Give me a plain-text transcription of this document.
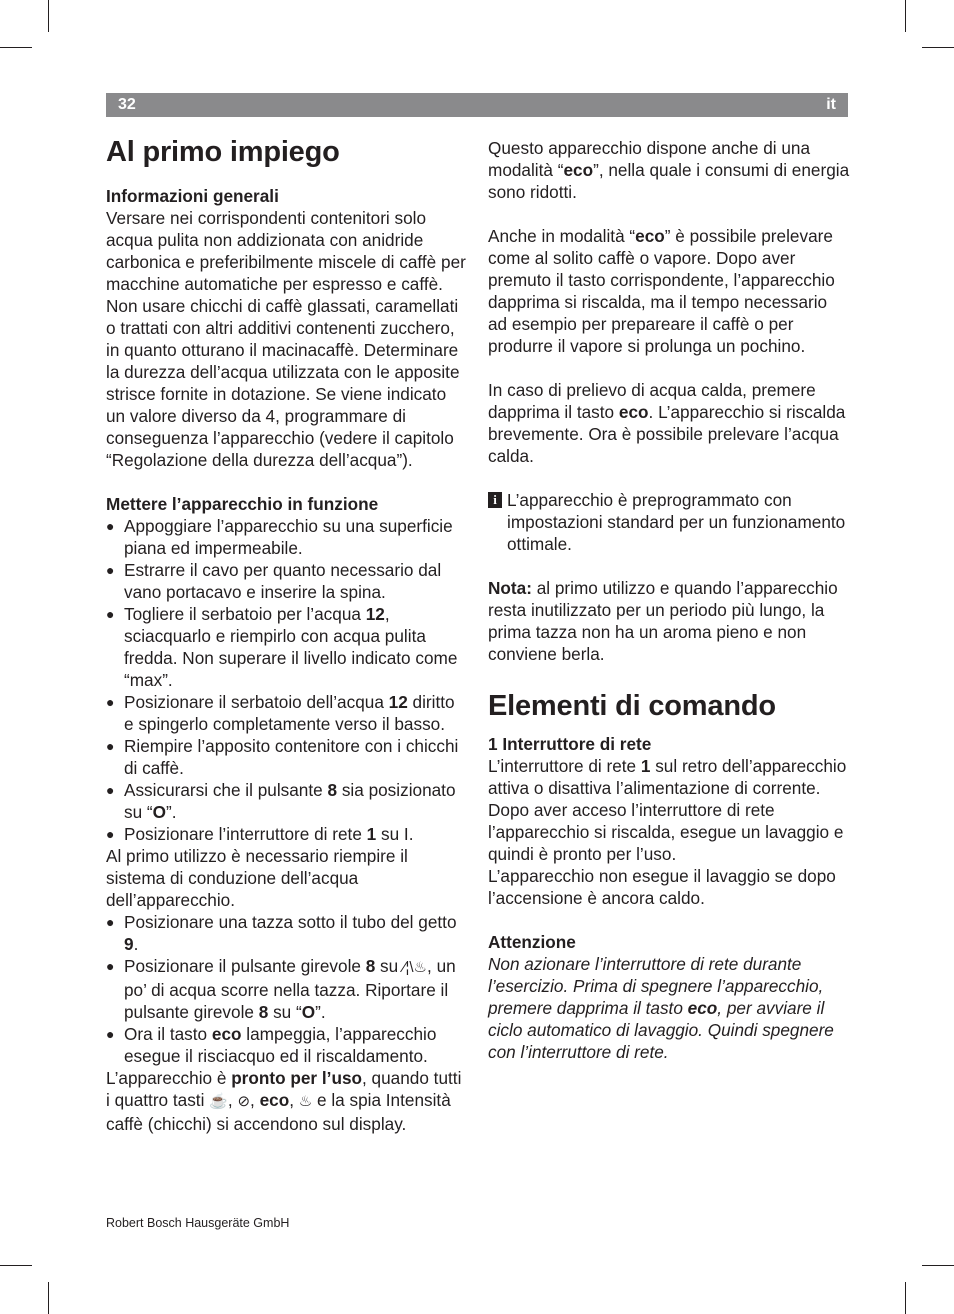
32	it
Al primo impiego

Informazioni generali

Versare nei corrispondenti contenitori solo acqua pulita non addizionata con anidride carbonica e preferibilmente miscele di caffè per macchine automatiche per espresso e caffè. Non usare chicchi di caffè glassati, caramellati o trattati con altri additivi contenenti zucchero, in quanto otturano il macinacaffè. Determinare la durezza dell’acqua utilizzata con le apposite strisce fornite in dotazione. Se viene indicato un valore diverso da 4, programmare di conseguenza l’apparecchio (vedere il capitolo “Regolazione della durezza dell’acqua”).

Mettere l’apparecchio in funzione

● Appoggiare l’apparecchio su una superficie piana ed impermeabile.
● Estrarre il cavo per quanto necessario dal vano portacavo e inserire la spina.
● Togliere il serbatoio per l’acqua 12, sciacquarlo e riempirlo con acqua pulita fredda. Non superare il livello indicato come “max”.
● Posizionare il serbatoio dell’acqua 12 diritto e spingerlo completamente verso il basso.
● Riempire l’apposito contenitore con i chicchi di caffè.
● Assicurarsi che il pulsante 8 sia posizionato su “O”.
● Posizionare l’interruttore di rete 1 su I.

Al primo utilizzo è necessario riempire il sistema di conduzione dell’acqua dell’apparecchio.

● Posizionare una tazza sotto il tubo del getto 9.
● Posizionare il pulsante girevole 8 su ⁄¦\♨, un po’ di acqua scorre nella tazza. Riportare il pulsante girevole 8 su “O”.
● Ora il tasto eco lampeggia, l’apparecchio esegue il risciacquo ed il riscaldamento.

L’apparecchio è pronto per l’uso, quando tutti i quattro tasti ☕, ⊘, eco, ♨ e la spia Intensità caffè (chicchi) si accendono sul display.

Questo apparecchio dispone anche di una modalità “eco”, nella quale i consumi di energia sono ridotti.

Anche in modalità “eco” è possibile prelevare come al solito caffè o vapore. Dopo aver premuto il tasto corrispondente, l’apparecchio dapprima si riscalda, ma il tempo necessario ad esempio per prepareare il caffè o per produrre il vapore si prolunga un pochino.

In caso di prelievo di acqua calda, premere dapprima il tasto eco. L’apparecchio si riscalda brevemente. Ora è possibile prelevare l’acqua calda.

i L’apparecchio è preprogrammato con impostazioni standard per un funzionamento ottimale.

Nota: al primo utilizzo e quando l’apparecchio resta inutilizzato per un periodo più lungo, la prima tazza non ha un aroma pieno e non conviene berla.

Elementi di comando

1 Interruttore di rete

L’interruttore di rete 1 sul retro dell’apparecchio attiva o disattiva l’alimentazione di corrente.

Dopo aver acceso l’interruttore di rete l’apparecchio si riscalda, esegue un lavaggio e quindi è pronto per l’uso.

L’apparecchio non esegue il lavaggio se dopo l’accensione è ancora caldo.

Attenzione

Non azionare l’interruttore di rete durante l’esercizio. Prima di spegnere l’apparecchio, premere dapprima il tasto eco, per avviare il ciclo automatico di lavaggio. Quindi spegnere con l’interruttore di rete.

Robert Bosch Hausgeräte GmbH
